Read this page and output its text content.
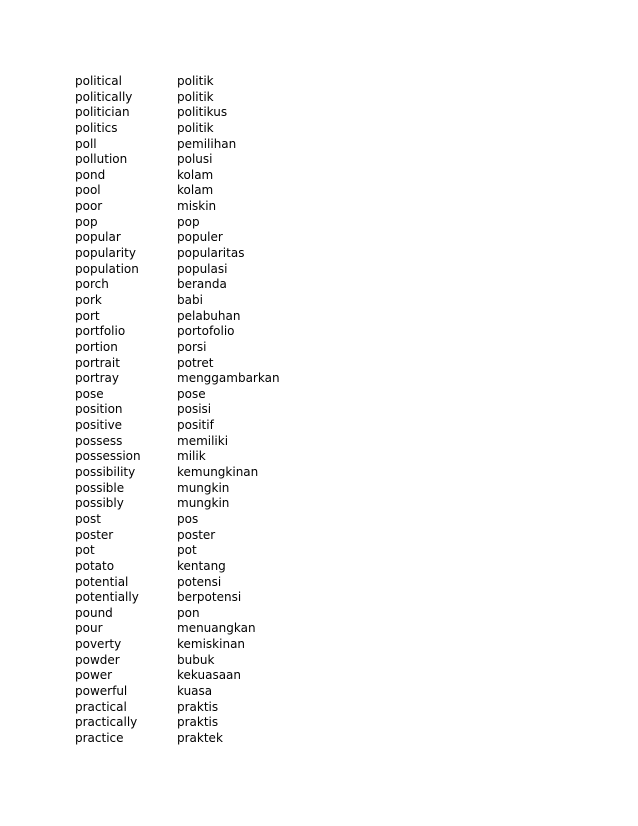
political	politik
politically	politik
politician	politikus
politics	politik
poll	pemilihan
pollution	polusi
pond	kolam
pool	kolam
poor	miskin
pop	pop
popular	populer
popularity	popularitas
population	populasi
porch	beranda
pork	babi
port	pelabuhan
portfolio	portofolio
portion	porsi
portrait	potret
portray	menggambarkan
pose	pose
position	posisi
positive	positif
possess	memiliki
possession	milik
possibility	kemungkinan
possible	mungkin
possibly	mungkin
post	pos
poster	poster
pot	pot
potato	kentang
potential	potensi
potentially	berpotensi
pound	pon
pour	menuangkan
poverty	kemiskinan
powder	bubuk
power	kekuasaan
powerful	kuasa
practical	praktis
practically	praktis
practice	praktek
